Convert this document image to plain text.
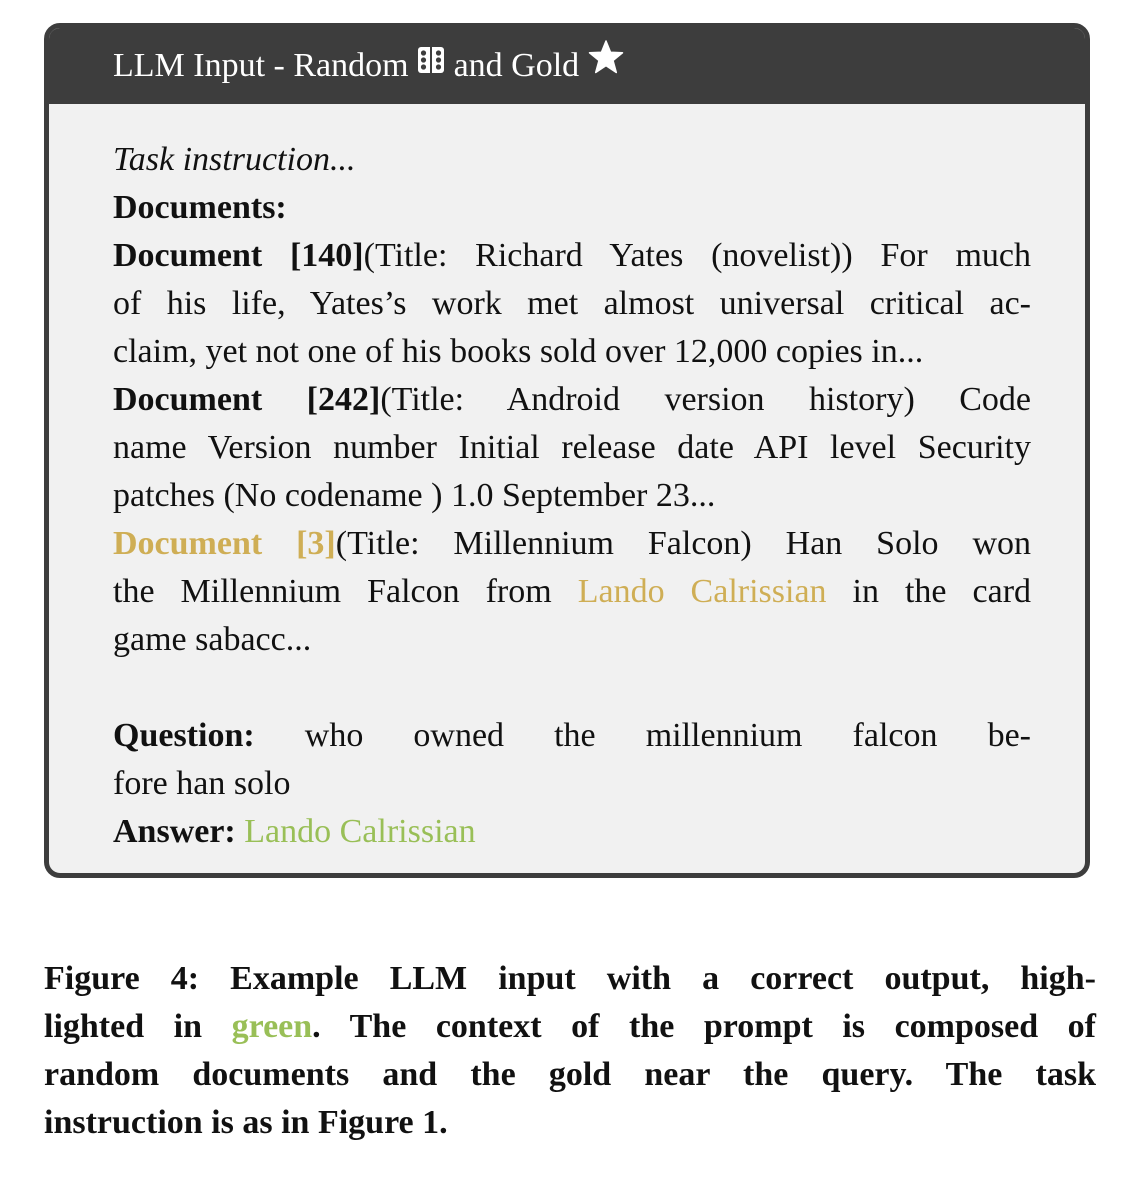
LLM Input - Random and Gold
Task instruction...
Documents:
Document [140](Title: Richard Yates (novelist)) For much
of his life, Yates’s work met almost universal critical ac-
claim, yet not one of his books sold over 12,000 copies in...
Document [242](Title: Android version history) Code
name Version number Initial release date API level Security
patches (No codename ) 1.0 September 23...
Document [3](Title: Millennium Falcon) Han Solo won
the Millennium Falcon from Lando Calrissian in the card
game sabacc...
Question: who owned the millennium falcon be-
fore han solo
Answer: Lando Calrissian
Figure 4: Example LLM input with a correct output, high-
lighted in green. The context of the prompt is composed of
random documents and the gold near the query. The task
instruction is as in Figure 1.
